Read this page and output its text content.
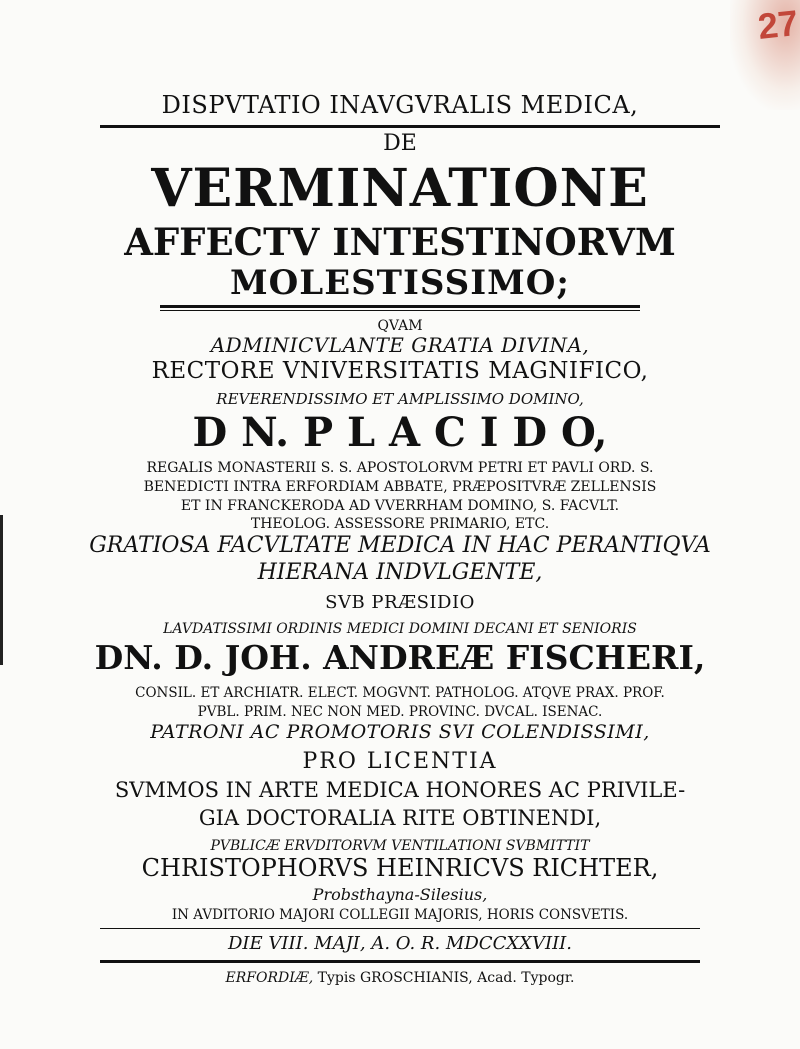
27
DISPVTATIO INAVGVRALIS MEDICA,
DE
VERMINATIONE
AFFECTV INTESTINORVM
MOLESTISSIMO;
QVAM
ADMINICVLANTE GRATIA DIVINA,
RECTORE VNIVERSITATIS MAGNIFICO,
REVERENDISSIMO ET AMPLISSIMO DOMINO,
D N. P L A C I D O,
REGALIS MONASTERII S. S. APOSTOLORVM PETRI ET PAVLI ORD. S.
BENEDICTI INTRA ERFORDIAM ABBATE, PRÆPOSITVRÆ ZELLENSIS
ET IN FRANCKERODA AD VVERRHAM DOMINO, S. FACVLT.
THEOLOG. ASSESSORE PRIMARIO, ETC.
GRATIOSA FACVLTATE MEDICA IN HAC PERANTIQVA
HIERANA INDVLGENTE,
SVB PRÆSIDIO
LAVDATISSIMI ORDINIS MEDICI DOMINI DECANI ET SENIORIS
DN. D. JOH. ANDREÆ FISCHERI,
CONSIL. ET ARCHIATR. ELECT. MOGVNT. PATHOLOG. ATQVE PRAX. PROF.
PVBL. PRIM. NEC NON MED. PROVINC. DVCAL. ISENAC.
PATRONI AC PROMOTORIS SVI COLENDISSIMI,
PRO LICENTIA
SVMMOS IN ARTE MEDICA HONORES AC PRIVILE-
GIA DOCTORALIA RITE OBTINENDI,
PVBLICÆ ERVDITORVM VENTILATIONI SVBMITTIT
CHRISTOPHORVS HEINRICVS RICHTER,
Probsthayna-Silesius,
IN AVDITORIO MAJORI COLLEGII MAJORIS, HORIS CONSVETIS.
DIE VIII. MAJI, A. O. R. MDCCXXVIII.
ERFORDIÆ, Typis GROSCHIANIS, Acad. Typogr.
